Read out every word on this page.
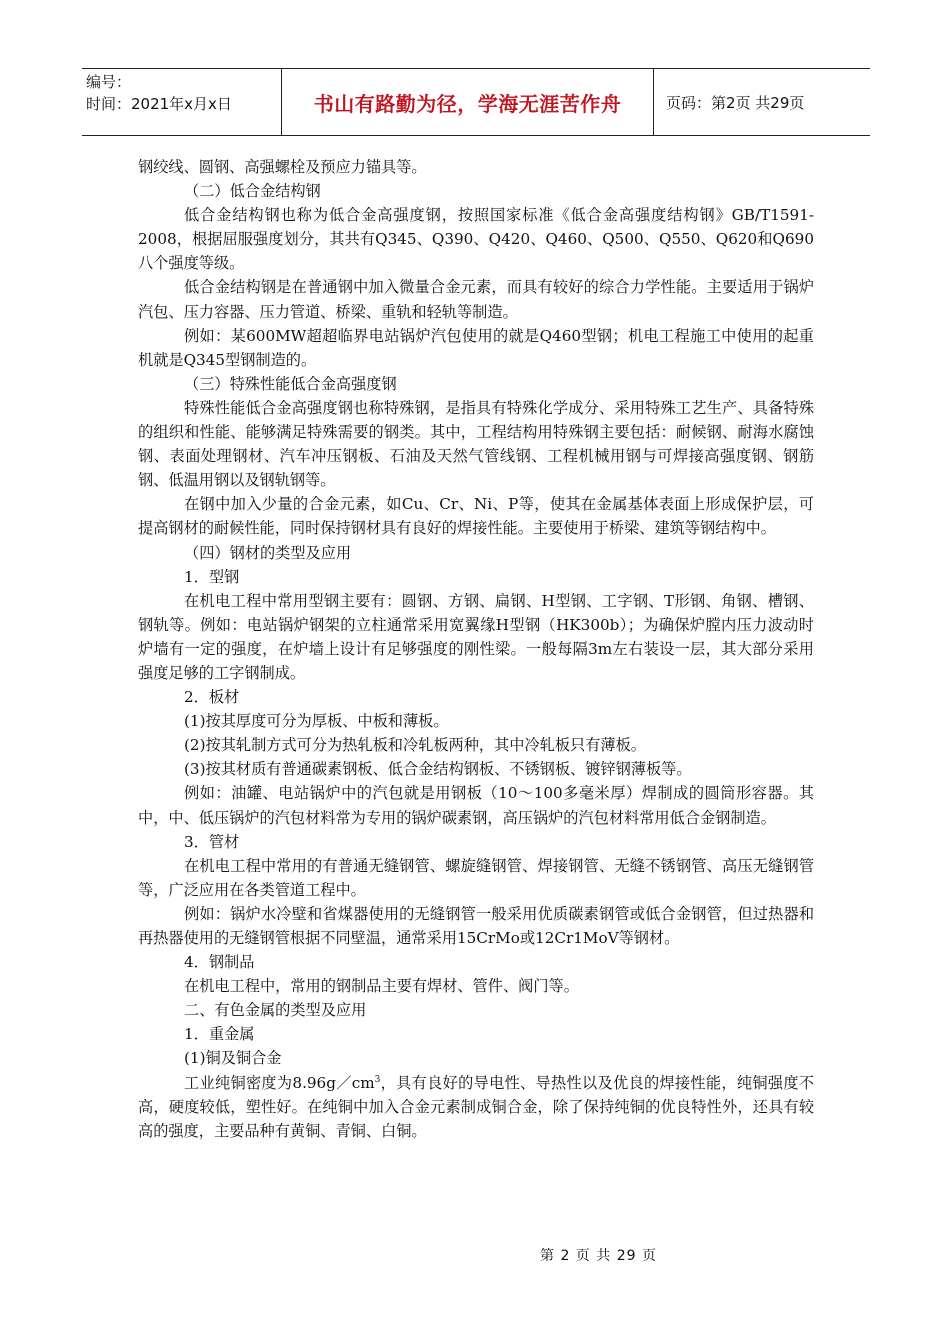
编号：
时间：2021年x月x日	书山有路勤为径，学海无涯苦作舟	页码：第2页 共29页

钢绞线、圆钢、高强螺栓及预应力锚具等。

（二）低合金结构钢

低合金结构钢也称为低合金高强度钢，按照国家标准《低合金高强度结构钢》GB/T1591-2008，根据屈服强度划分，其共有Q345、Q390、Q420、Q460、Q500、Q550、Q620和Q690八个强度等级。

低合金结构钢是在普通钢中加入微量合金元素，而具有较好的综合力学性能。主要适用于锅炉汽包、压力容器、压力管道、桥梁、重轨和轻轨等制造。

例如：某600MW超超临界电站锅炉汽包使用的就是Q460型钢；机电工程施工中使用的起重机就是Q345型钢制造的。

（三）特殊性能低合金高强度钢

特殊性能低合金高强度钢也称特殊钢，是指具有特殊化学成分、采用特殊工艺生产、具备特殊的组织和性能、能够满足特殊需要的钢类。其中，工程结构用特殊钢主要包括：耐候钢、耐海水腐蚀钢、表面处理钢材、汽车冲压钢板、石油及天然气管线钢、工程机械用钢与可焊接高强度钢、钢筋钢、低温用钢以及钢轨钢等。

在钢中加入少量的合金元素，如Cu、Cr、Ni、P等，使其在金属基体表面上形成保护层，可提高钢材的耐候性能，同时保持钢材具有良好的焊接性能。主要使用于桥梁、建筑等钢结构中。

（四）钢材的类型及应用

1．型钢

在机电工程中常用型钢主要有：圆钢、方钢、扁钢、H型钢、工字钢、T形钢、角钢、槽钢、钢轨等。例如：电站锅炉钢架的立柱通常采用宽翼缘H型钢（HK300b）；为确保炉膛内压力波动时炉墙有一定的强度，在炉墙上设计有足够强度的刚性梁。一般每隔3m左右装设一层，其大部分采用强度足够的工字钢制成。

2．板材

(1)按其厚度可分为厚板、中板和薄板。

(2)按其轧制方式可分为热轧板和冷轧板两种，其中冷轧板只有薄板。

(3)按其材质有普通碳素钢板、低合金结构钢板、不锈钢板、镀锌钢薄板等。

例如：油罐、电站锅炉中的汽包就是用钢板（10～100多毫米厚）焊制成的圆筒形容器。其中，中、低压锅炉的汽包材料常为专用的锅炉碳素钢，高压锅炉的汽包材料常用低合金钢制造。

3．管材

在机电工程中常用的有普通无缝钢管、螺旋缝钢管、焊接钢管、无缝不锈钢管、高压无缝钢管等，广泛应用在各类管道工程中。

例如：锅炉水冷壁和省煤器使用的无缝钢管一般采用优质碳素钢管或低合金钢管，但过热器和再热器使用的无缝钢管根据不同壁温，通常采用15CrMo或12Cr1MoV等钢材。

4．钢制品

在机电工程中，常用的钢制品主要有焊材、管件、阀门等。

二、有色金属的类型及应用

1．重金属

(1)铜及铜合金

工业纯铜密度为$8.96g/cm^3$，具有良好的导电性、导热性以及优良的焊接性能，纯铜强度不高，硬度较低，塑性好。在纯铜中加入合金元素制成铜合金，除了保持纯铜的优良特性外，还具有较高的强度，主要品种有黄铜、青铜、白铜。

第 2 页 共 29 页
